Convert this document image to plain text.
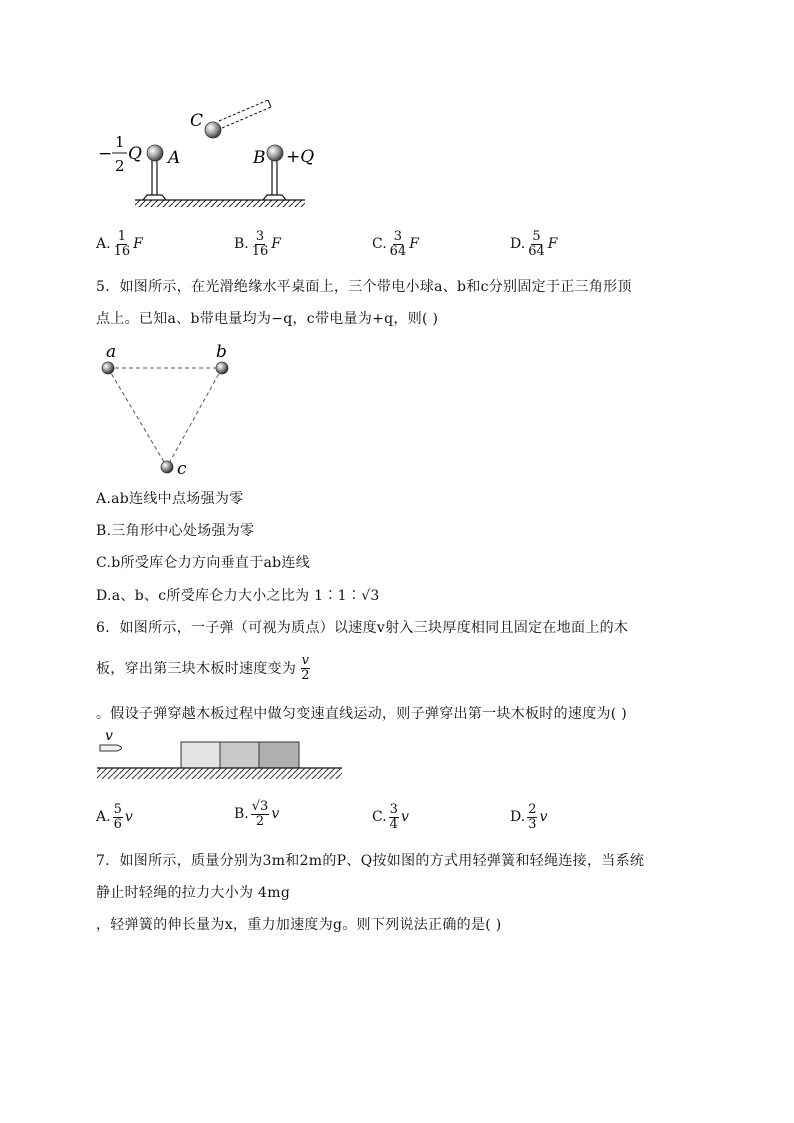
C
A	B +Q
−
1
2
Q
A. $\frac{1}{16}$ F	B. $\frac{3}{16}$ F	C. $\frac{3}{64}$ F	D. $\frac{5}{64}$ F
5．如图所示，在光滑绝缘水平桌面上，三个带电小球a、b和c分别固定于正三角形顶
点上。已知a、b带电量均为−q，c带电量为+q，则( )
a	b
c
A.ab连线中点场强为零
B.三角形中心处场强为零
C.b所受库仑力方向垂直于ab连线
D.a、b、c所受库仑力大小之比为 1∶1∶√3
6．如图所示，一子弹（可视为质点）以速度v射入三块厚度相同且固定在地面上的木
板，穿出第三块木板时速度变为 $\frac{v}{2}$
。假设子弹穿越木板过程中做匀变速直线运动，则子弹穿出第一块木板时的速度为( )
v
A. $\frac{5}{6}$ v	B. $\frac{√3}{2}$ v	C. $\frac{3}{4}$ v	D. $\frac{2}{3}$ v
7．如图所示，质量分别为3m和2m的P、Q按如图的方式用轻弹簧和轻绳连接，当系统
静止时轻绳的拉力大小为 4mg
，轻弹簧的伸长量为x，重力加速度为g。则下列说法正确的是( )
